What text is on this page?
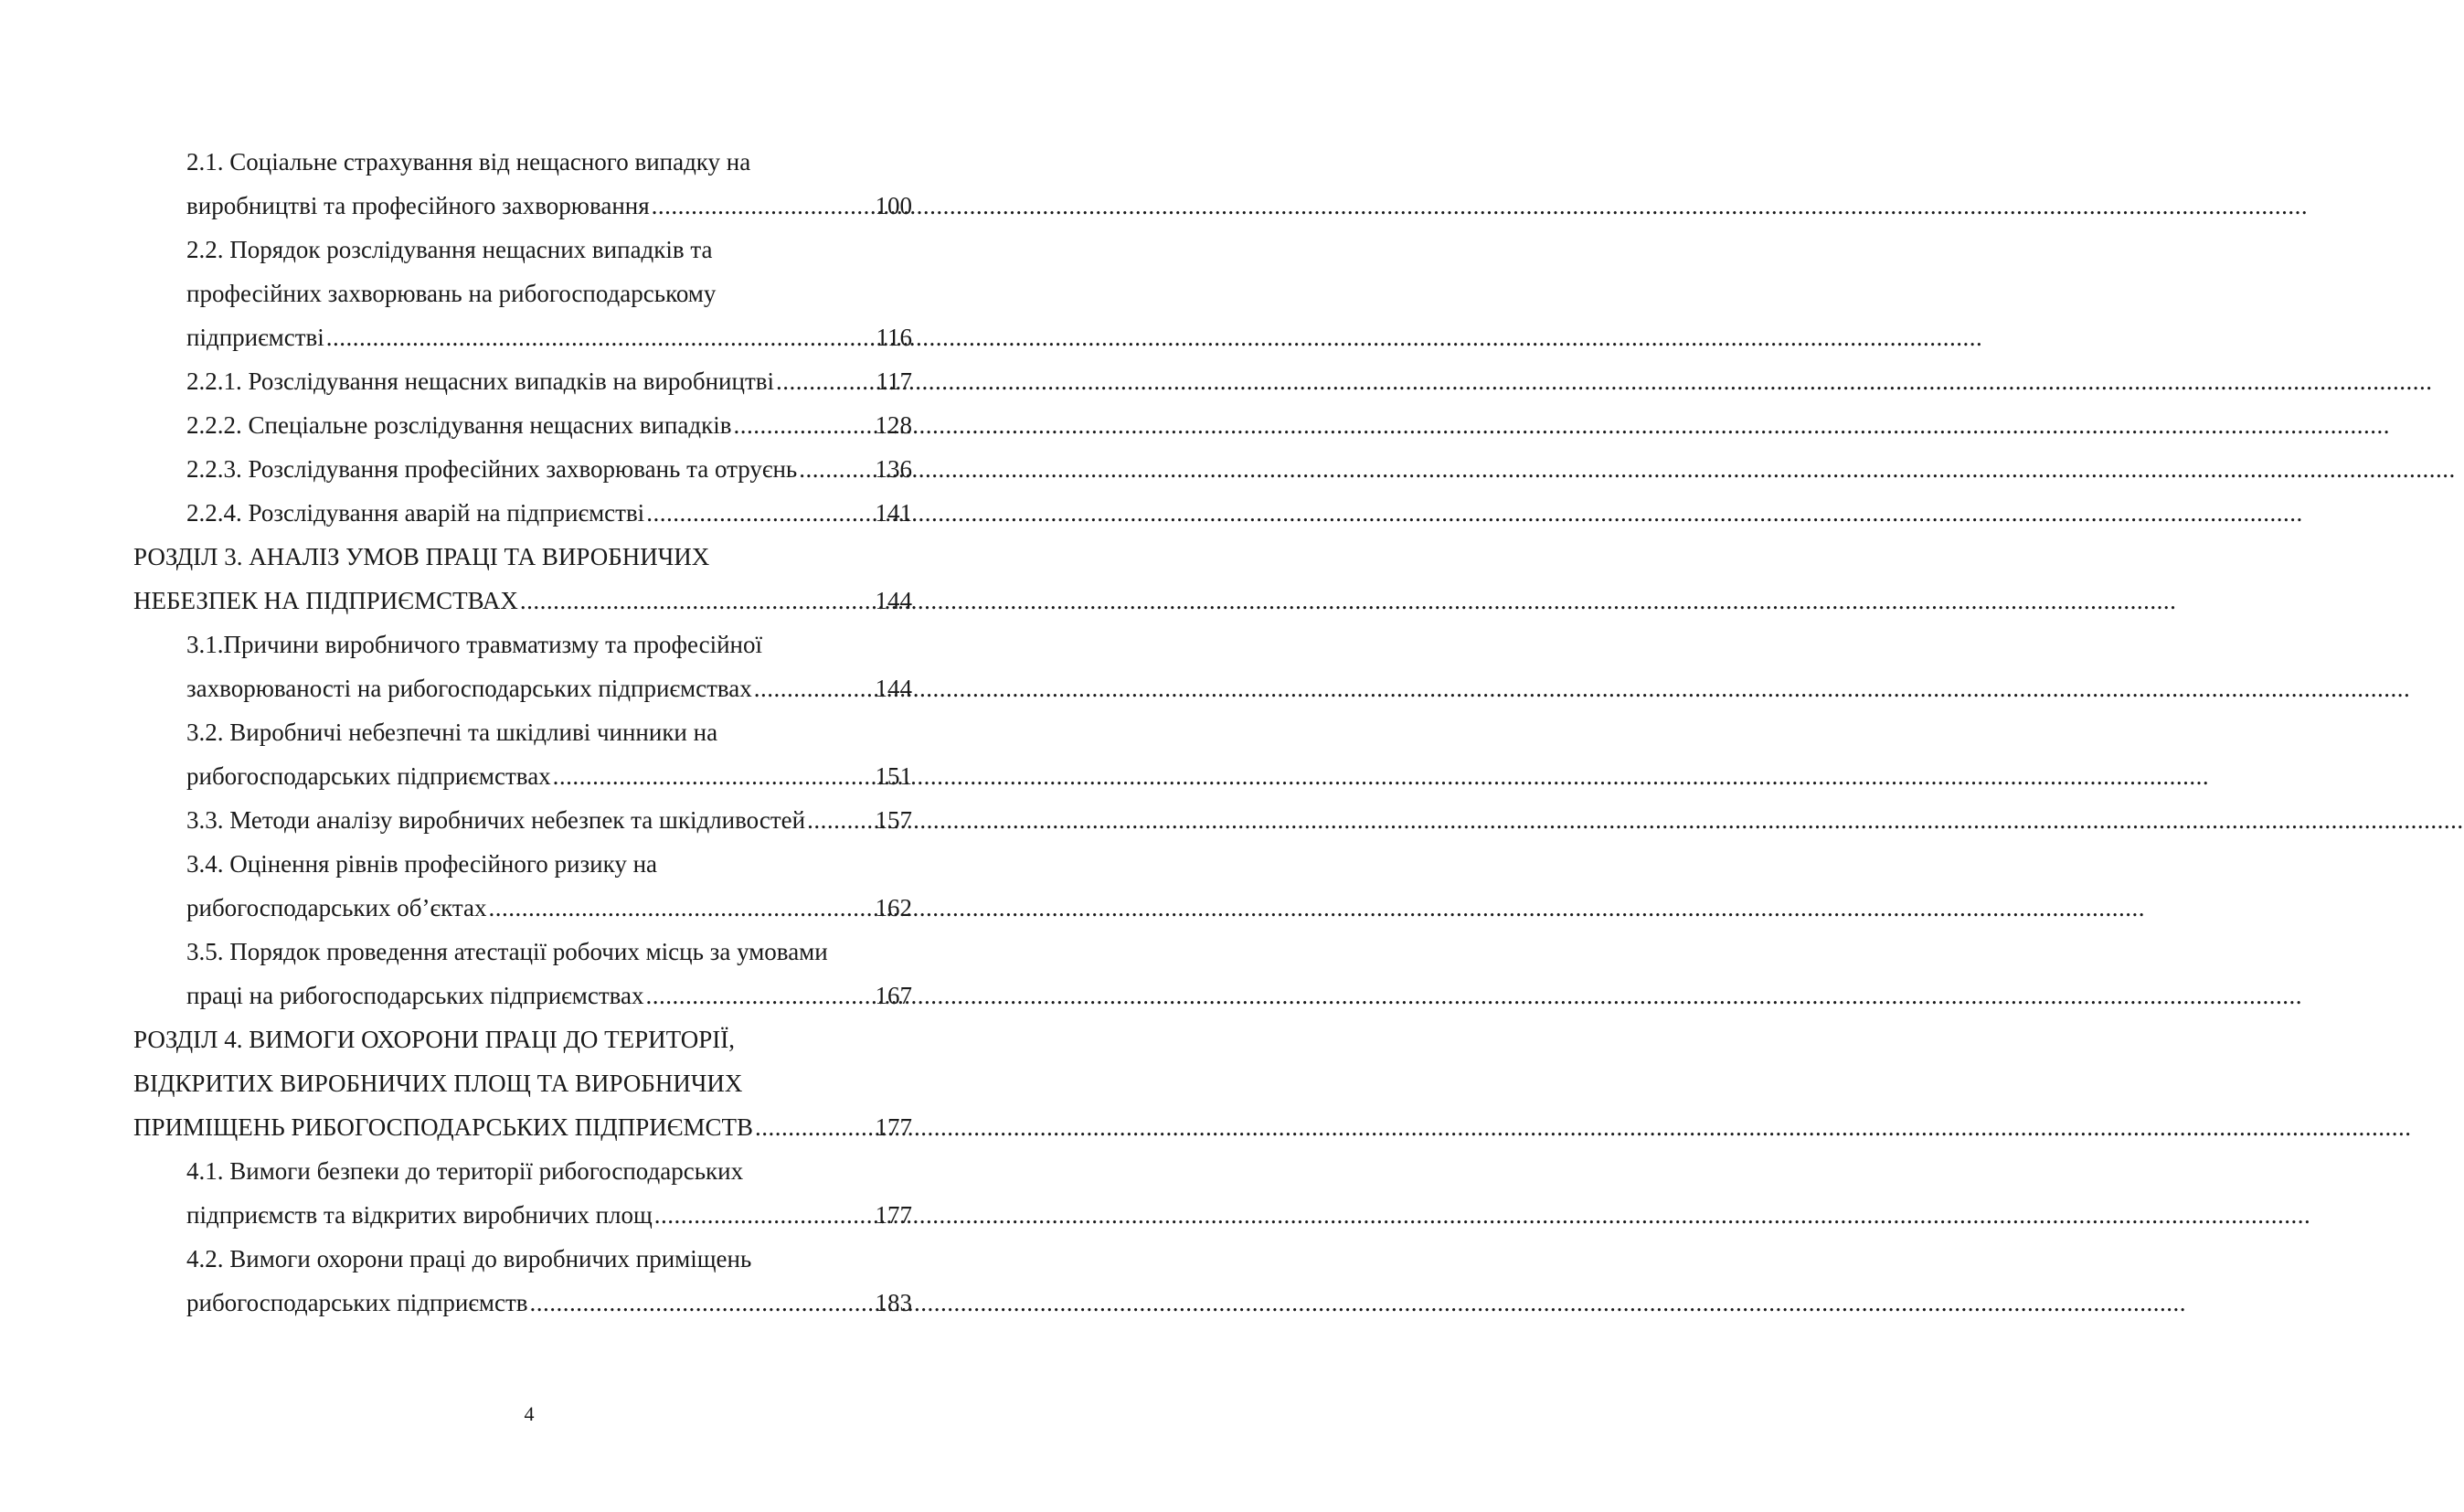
2.1. Соціальне страхування від нещасного випадку на
виробництві та професійного захворювання .....	100
2.2. Порядок розслідування нещасних випадків та
професійних захворювань на рибогосподарському
підприємстві .....	116
2.2.1. Розслідування нещасних випадків на виробництві .....	117
2.2.2. Спеціальне розслідування нещасних випадків .....	128
2.2.3. Розслідування професійних захворювань та отруєнь .....	136
2.2.4. Розслідування аварій на підприємстві .....	141
РОЗДІЛ 3. АНАЛІЗ УМОВ ПРАЦІ ТА ВИРОБНИЧИХ
НЕБЕЗПЕК НА ПІДПРИЄМСТВАХ .....	144
3.1.Причини виробничого травматизму та професійної
захворюваності на рибогосподарських підприємствах .....	144
3.2. Виробничі небезпечні та шкідливі чинники на
рибогосподарських підприємствах .....	151
3.3. Методи аналізу виробничих небезпек та шкідливостей .....	157
3.4. Оцінення рівнів професійного ризику на
рибогосподарських об’єктах .....	162
3.5. Порядок проведення атестації робочих місць за умовами
праці на рибогосподарських підприємствах .....	167
РОЗДІЛ 4. ВИМОГИ ОХОРОНИ ПРАЦІ ДО ТЕРИТОРІЇ,
ВІДКРИТИХ ВИРОБНИЧИХ ПЛОЩ ТА ВИРОБНИЧИХ
ПРИМІЩЕНЬ РИБОГОСПОДАРСЬКИХ ПІДПРИЄМСТВ .....	177
4.1. Вимоги безпеки до території рибогосподарських
підприємств та відкритих виробничих площ .....	177
4.2. Вимоги охорони праці до виробничих приміщень
рибогосподарських підприємств .....	183
4
